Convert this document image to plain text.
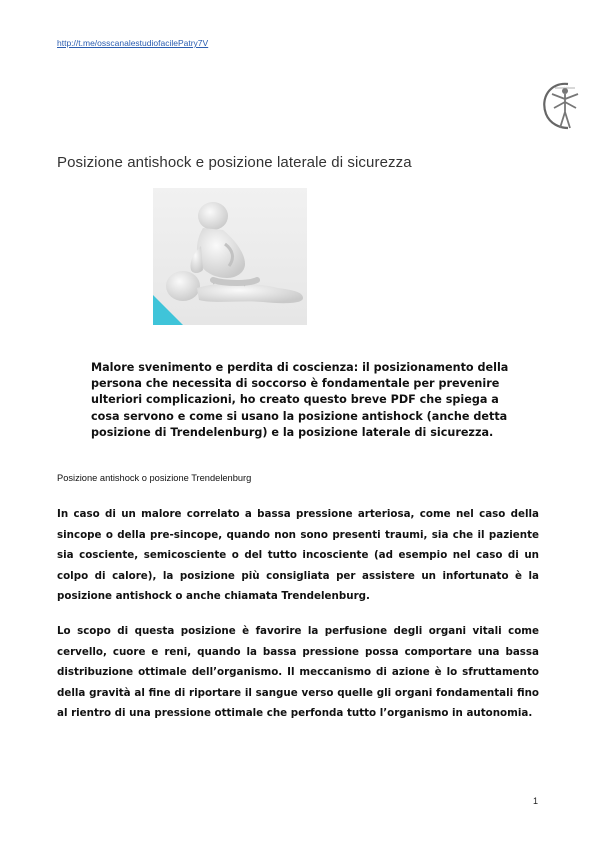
http://t.me/osscanalestudiofacilePatry7V
· · ·
Posizione antishock e posizione laterale di sicurezza

Malore svenimento e perdita di coscienza: il posizionamento della persona che necessita di soccorso è fondamentale per prevenire ulteriori complicazioni, ho creato questo breve PDF che spiega a cosa servono e come si usano la posizione antishock (anche detta posizione di Trendelenburg) e la posizione laterale di sicurezza.

Posizione antishock o posizione Trendelenburg

In caso di un malore correlato a bassa pressione arteriosa, come nel caso della sincope o della pre-sincope, quando non sono presenti traumi, sia che il paziente sia cosciente, semicosciente o del tutto incosciente (ad esempio nel caso di un colpo di calore), la posizione più consigliata per assistere un infortunato è la posizione antishock o anche chiamata Trendelenburg.

Lo scopo di questa posizione è favorire la perfusione degli organi vitali come cervello, cuore e reni, quando la bassa pressione possa comportare una bassa distribuzione ottimale dell’organismo. Il meccanismo di azione è lo sfruttamento della gravità al fine di riportare il sangue verso quelle gli organi fondamentali fino al rientro di una pressione ottimale che perfonda tutto l’organismo in autonomia.

1
